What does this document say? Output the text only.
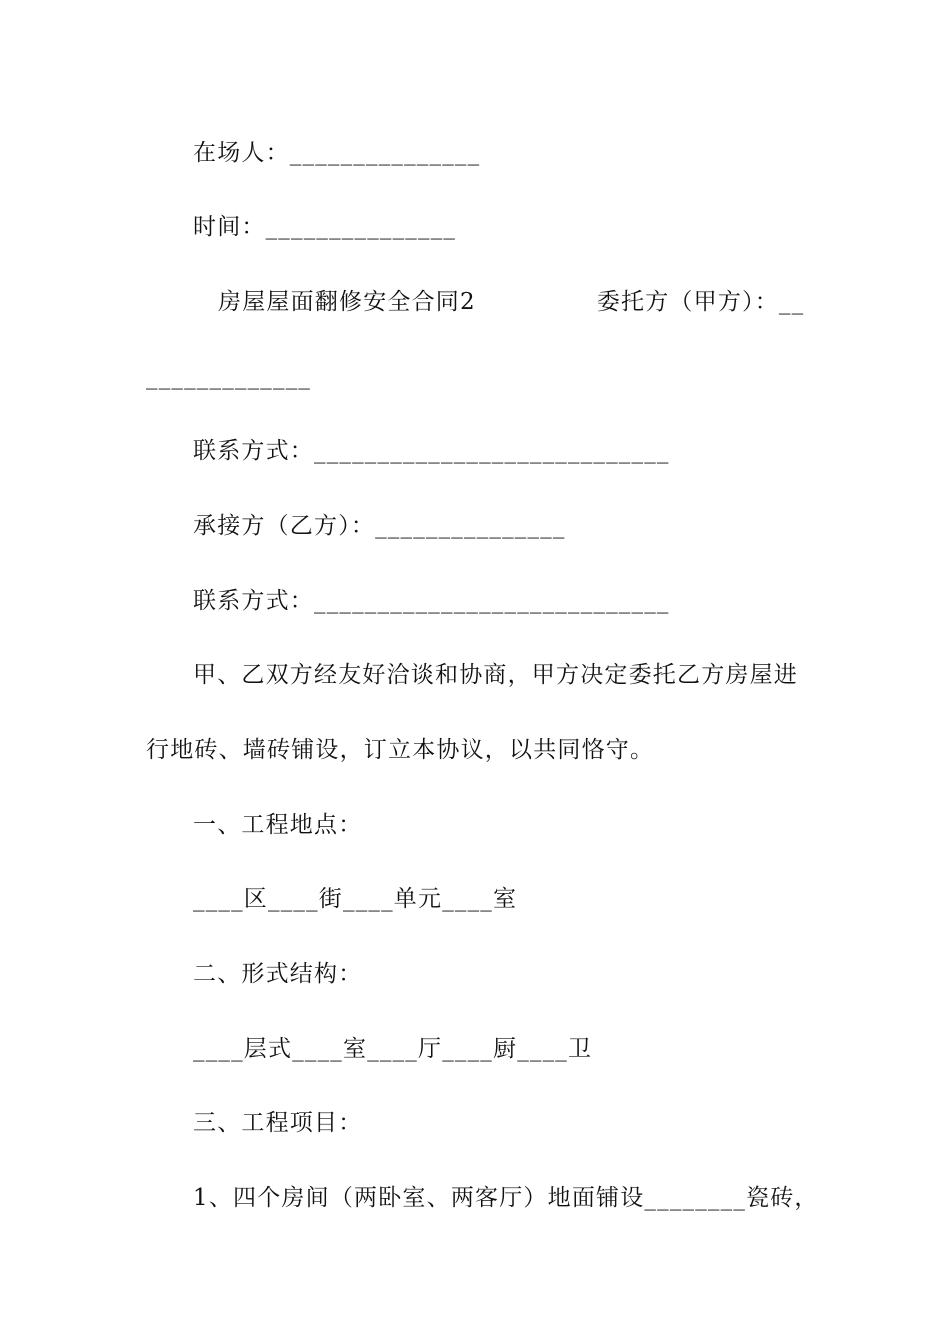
在场人：_______________
时间：_______________
房屋屋面翻修安全合同2　　　　　委托方（甲方）：__
_____________
联系方式：____________________________
承接方（乙方）：_______________
联系方式：____________________________
甲、乙双方经友好洽谈和协商，甲方决定委托乙方房屋进
行地砖、墙砖铺设，订立本协议，以共同恪守。
一、工程地点：
____区____街____单元____室
二、形式结构：
____层式____室____厅____厨____卫
三、工程项目：
1、四个房间（两卧室、两客厅）地面铺设________瓷砖，
